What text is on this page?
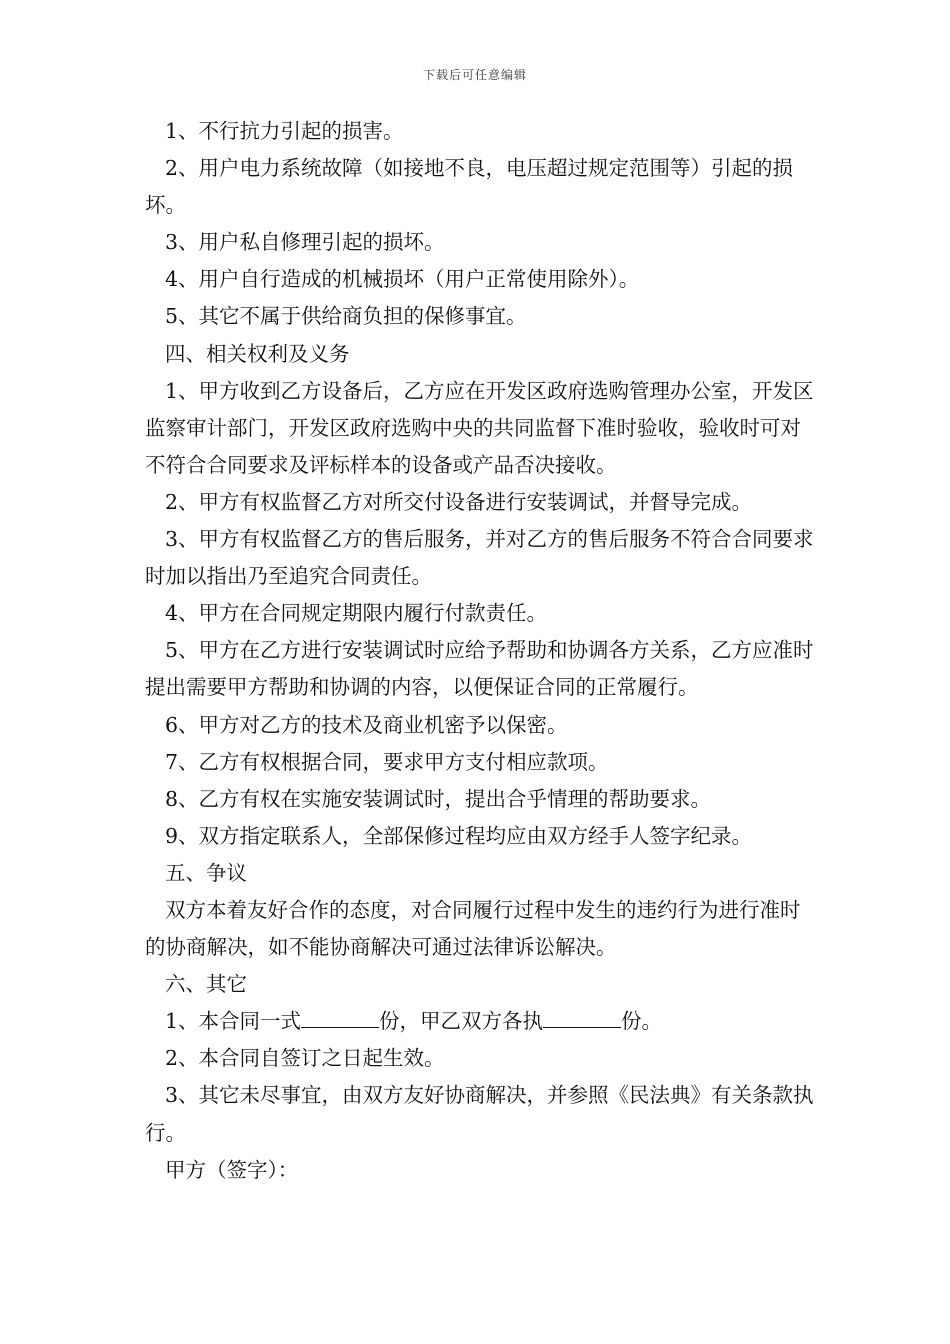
下载后可任意编辑

1、不行抗力引起的损害。

2、用户电力系统故障（如接地不良，电压超过规定范围等）引起的损坏。

3、用户私自修理引起的损坏。

4、用户自行造成的机械损坏（用户正常使用除外）。

5、其它不属于供给商负担的保修事宜。

四、相关权利及义务

1、甲方收到乙方设备后，乙方应在开发区政府选购管理办公室，开发区监察审计部门，开发区政府选购中央的共同监督下准时验收，验收时可对不符合合同要求及评标样本的设备或产品否决接收。

2、甲方有权监督乙方对所交付设备进行安装调试，并督导完成。

3、甲方有权监督乙方的售后服务，并对乙方的售后服务不符合合同要求时加以指出乃至追究合同责任。

4、甲方在合同规定期限内履行付款责任。

5、甲方在乙方进行安装调试时应给予帮助和协调各方关系，乙方应准时提出需要甲方帮助和协调的内容，以便保证合同的正常履行。

6、甲方对乙方的技术及商业机密予以保密。

7、乙方有权根据合同，要求甲方支付相应款项。

8、乙方有权在实施安装调试时，提出合乎情理的帮助要求。

9、双方指定联系人，全部保修过程均应由双方经手人签字纪录。

五、争议

双方本着友好合作的态度，对合同履行过程中发生的违约行为进行准时的协商解决，如不能协商解决可通过法律诉讼解决。

六、其它

1、本合同一式	份，甲乙双方各执	份。

2、本合同自签订之日起生效。

3、其它未尽事宜，由双方友好协商解决，并参照《民法典》有关条款执行。

甲方（签字）：
